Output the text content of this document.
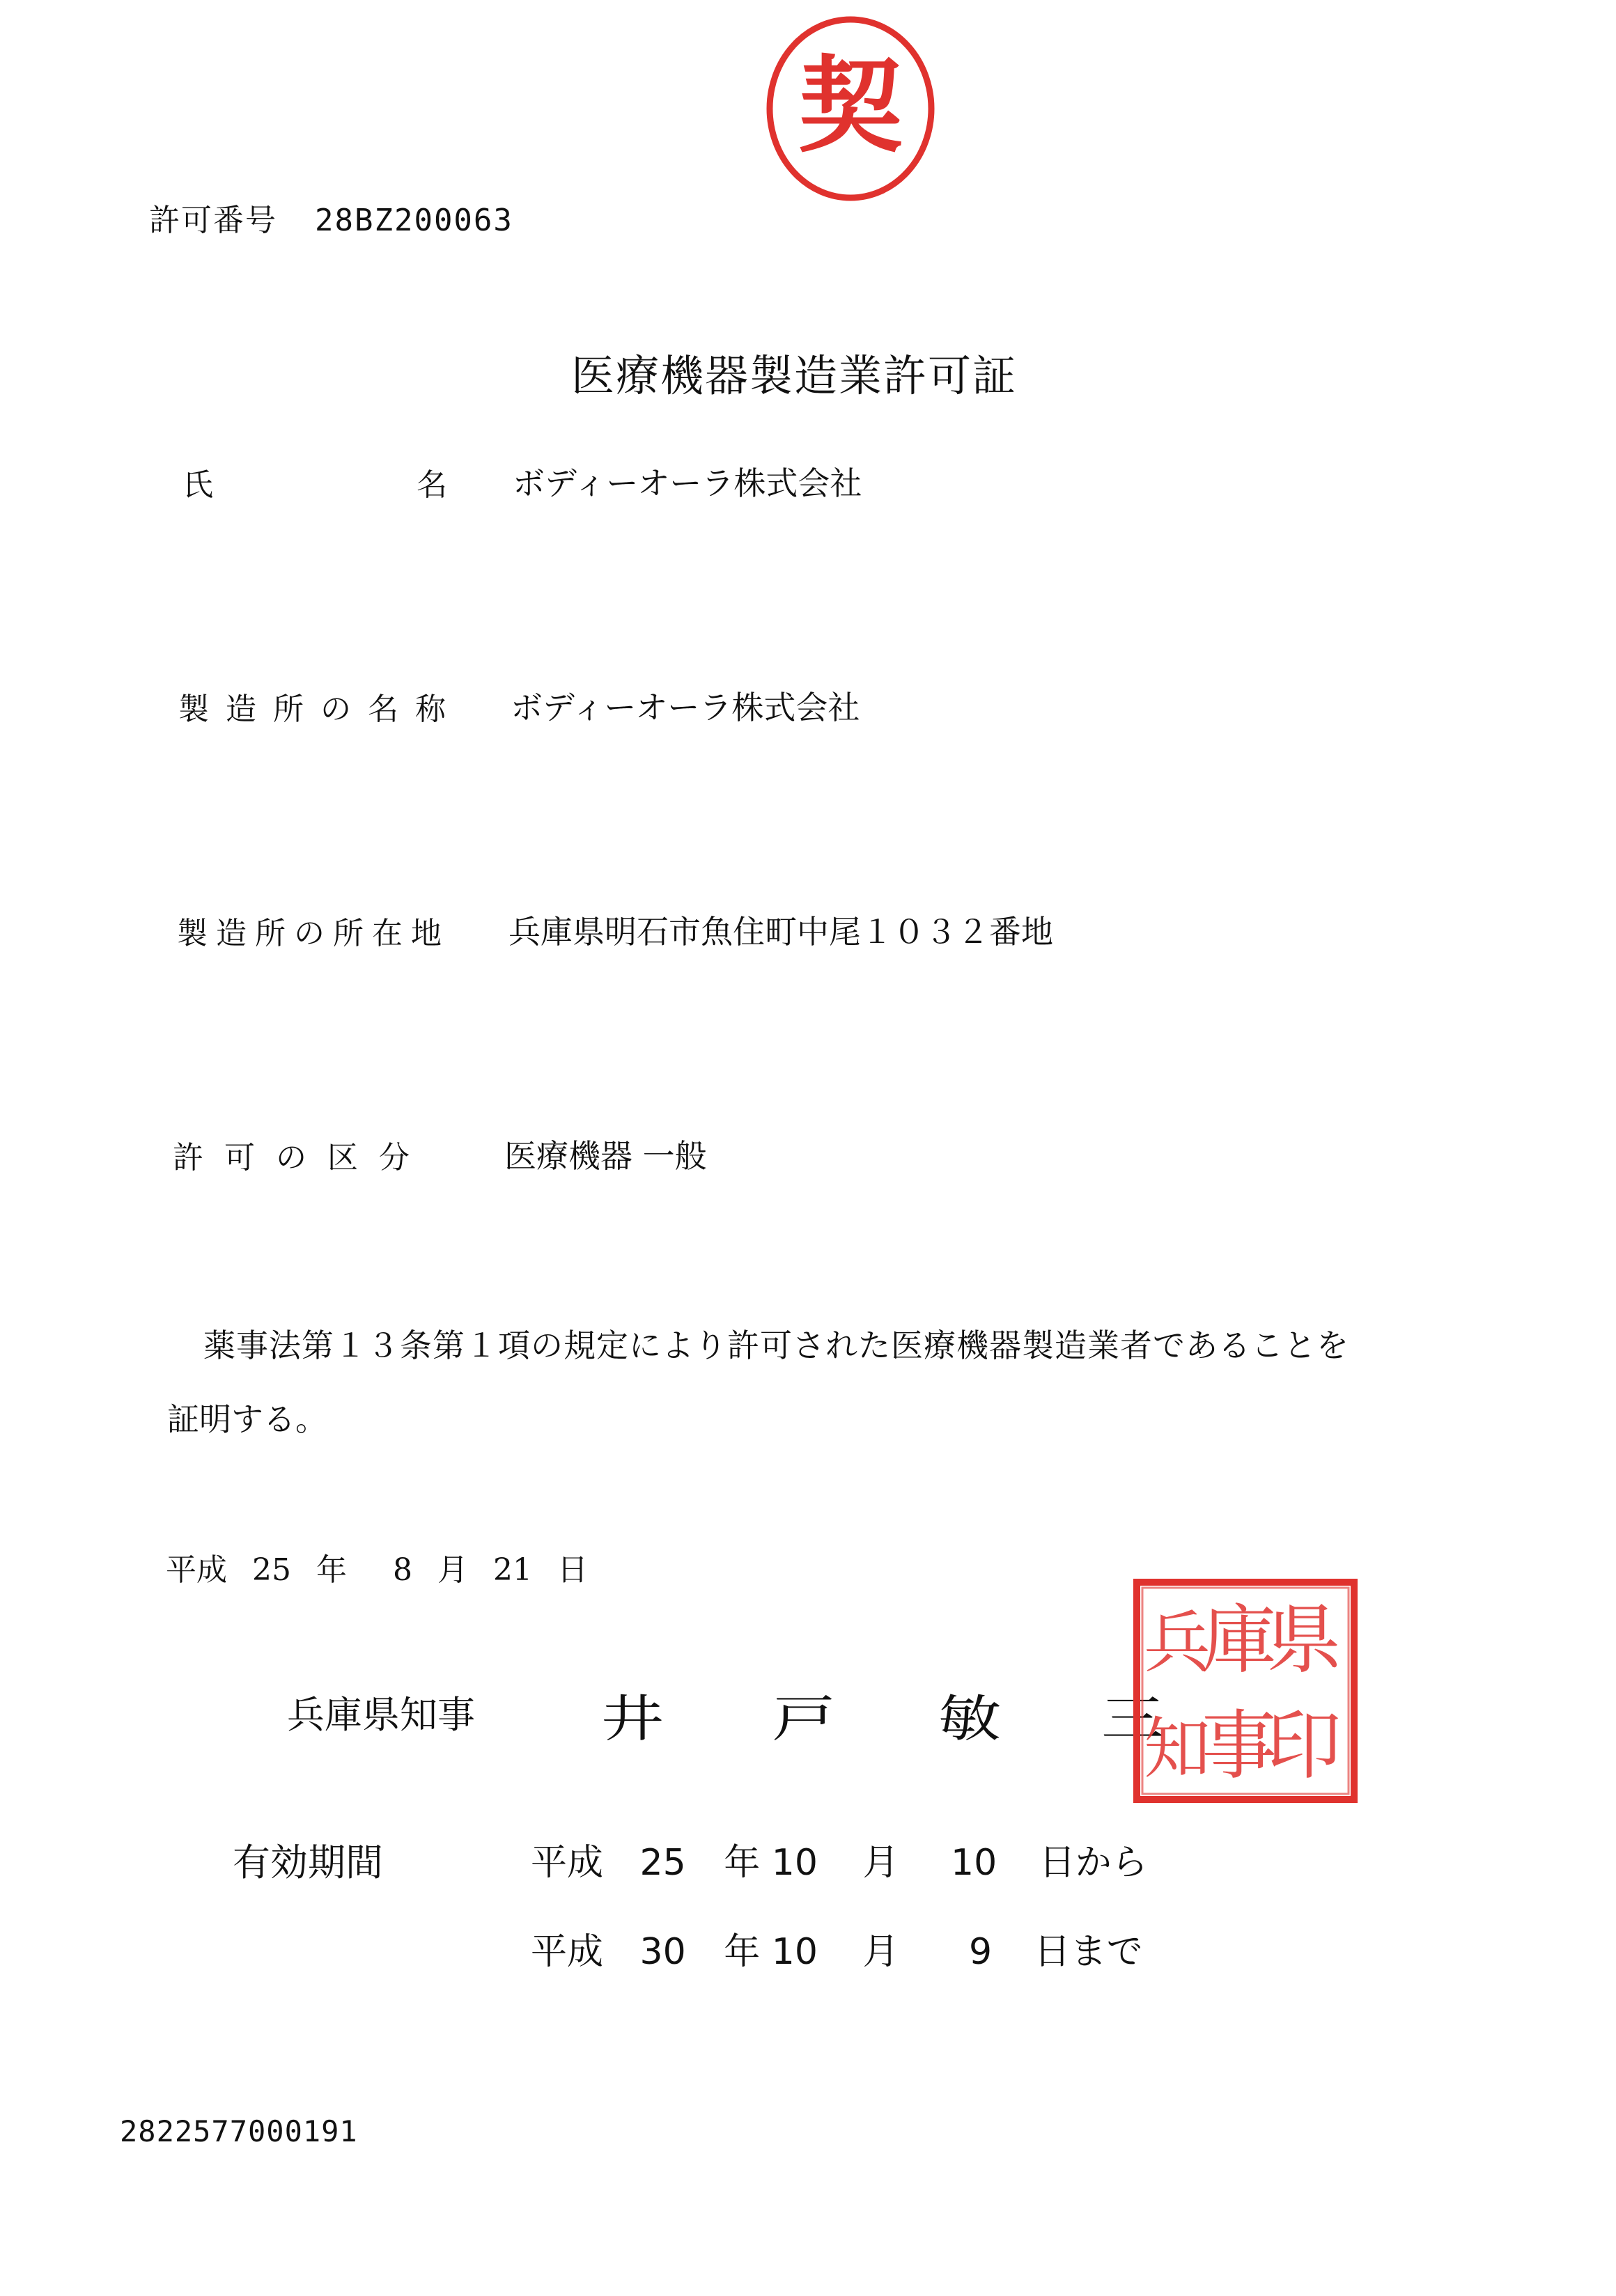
契
許可番号 28BZ200063
医療機器製造業許可証
氏	名 ボディーオーラ株式会社
製造所の名称 ボディーオーラ株式会社
製造所の所在地 兵庫県明石市魚住町中尾１０３２番地
許可の区分 医療機器 一般
薬事法第１３条第１項の規定により許可された医療機器製造業者であることを
証明する。
平成 25 年 8 月 21 日
兵庫県知事	井 戸 敏 三
県
印
庫
事
兵
知
有効期間	平成 25 年 10 月 10 日から
平成 30 年 10 月 9 日まで
2822577000191
